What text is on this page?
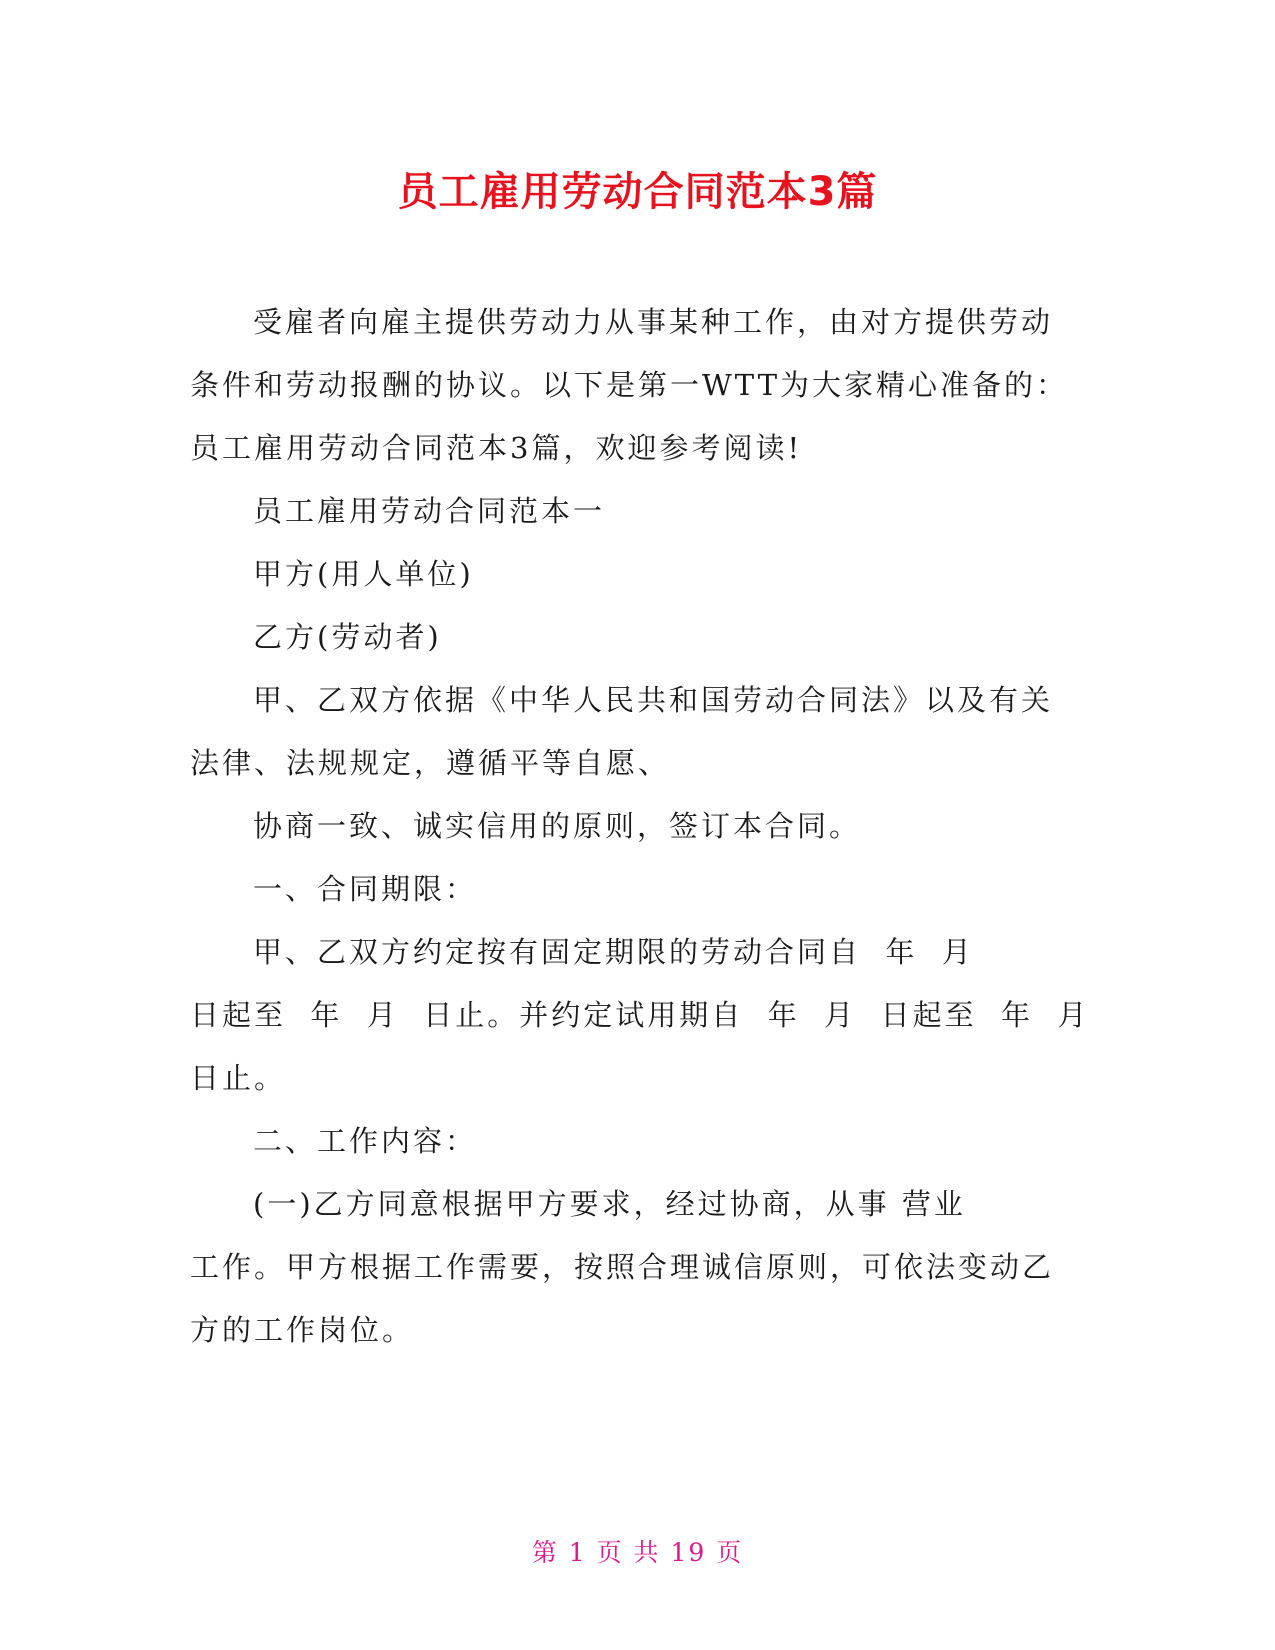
员工雇用劳动合同范本3篇
受雇者向雇主提供劳动力从事某种工作，由对方提供劳动
条件和劳动报酬的协议。以下是第一WTT为大家精心准备的：
员工雇用劳动合同范本3篇，欢迎参考阅读!
员工雇用劳动合同范本一
甲方(用人单位)
乙方(劳动者)
甲、乙双方依据《中华人民共和国劳动合同法》以及有关
法律、法规规定，遵循平等自愿、
协商一致、诚实信用的原则，签订本合同。
一、合同期限：
甲、乙双方约定按有固定期限的劳动合同自  年  月
日起至  年  月  日止。并约定试用期自  年  月  日起至  年  月
日止。
二、工作内容：
(一)乙方同意根据甲方要求，经过协商，从事 营业
工作。甲方根据工作需要，按照合理诚信原则，可依法变动乙
方的工作岗位。
第 1 页 共 19 页
